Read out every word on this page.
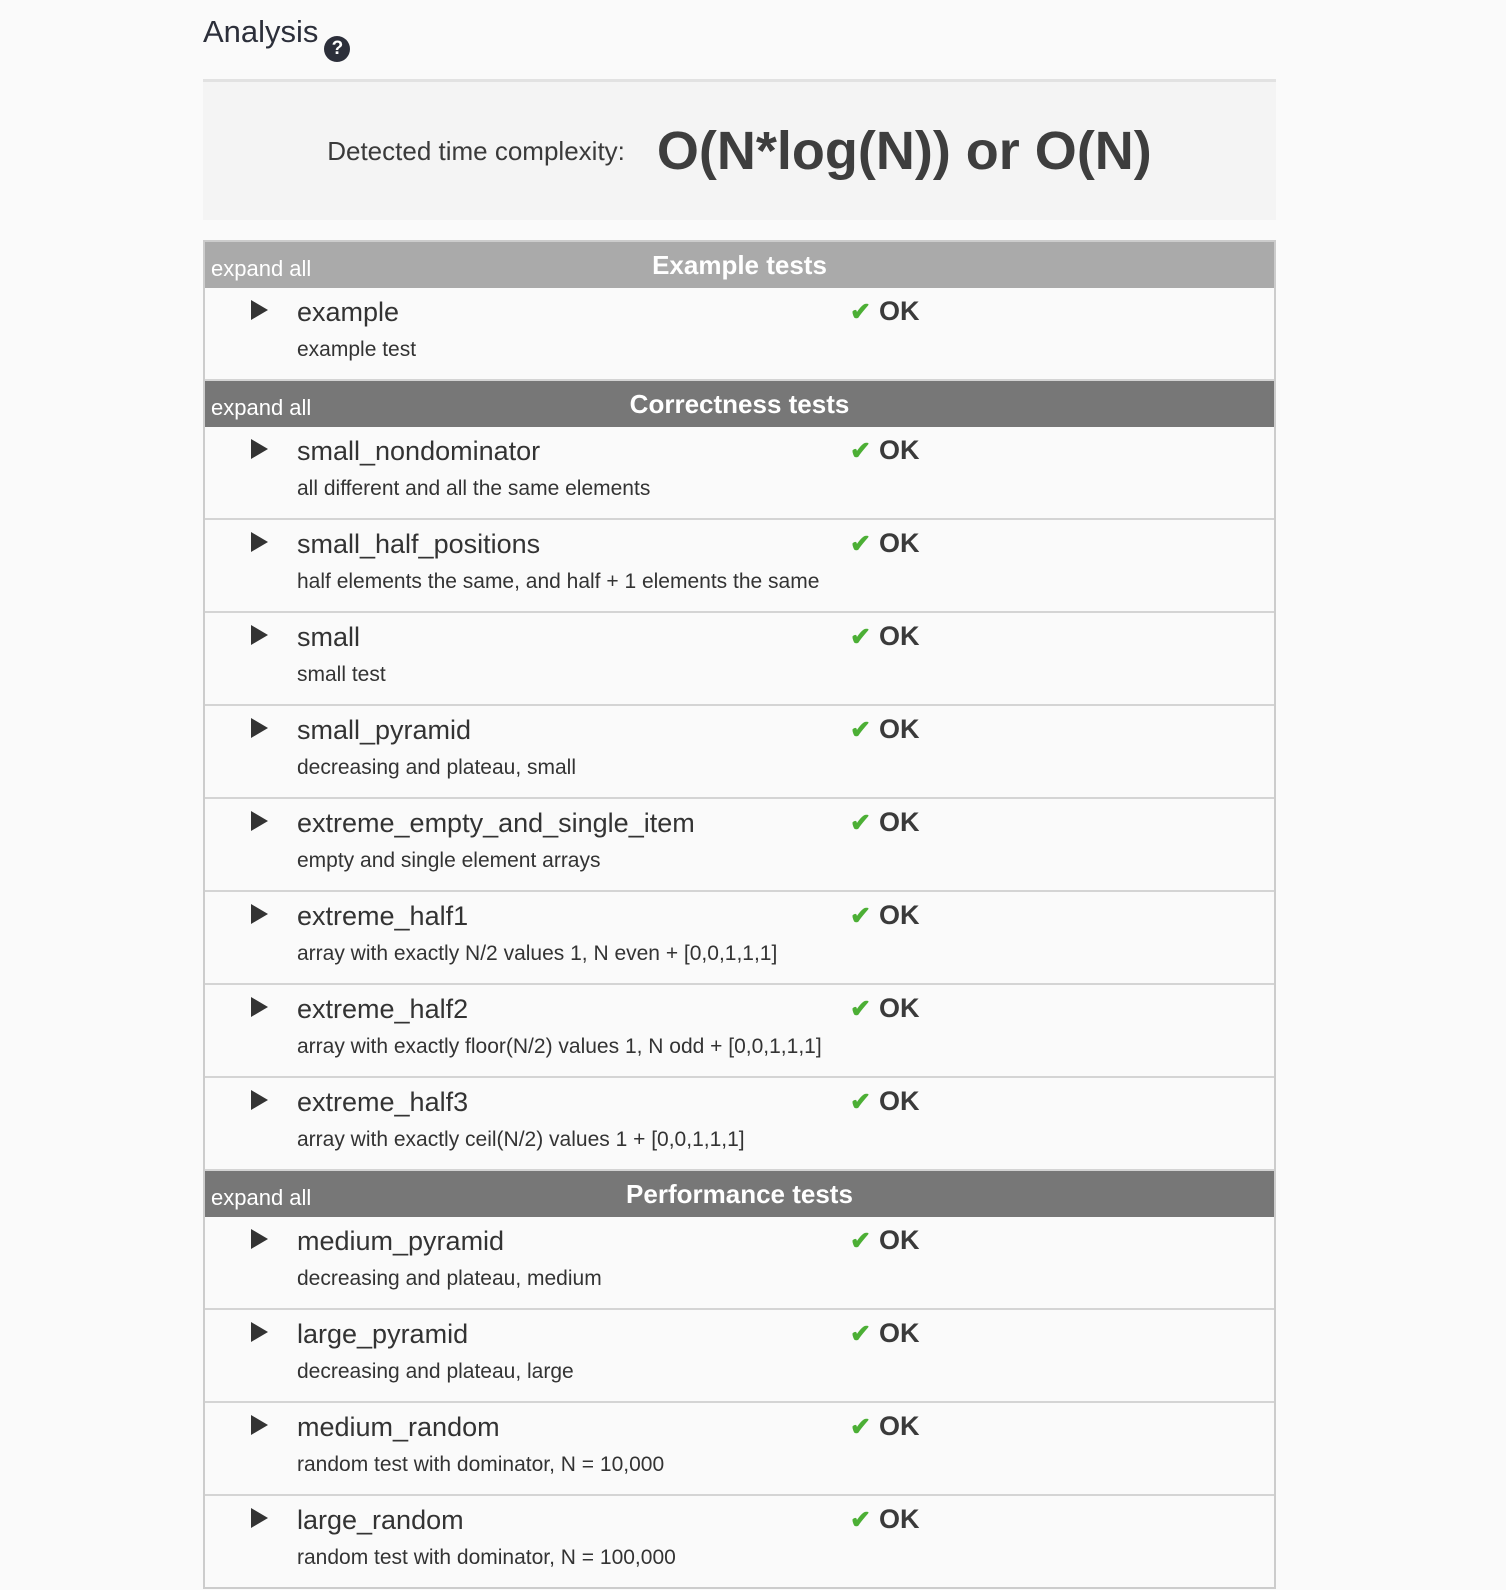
Analysis ?
Detected time complexity: O(N*log(N)) or O(N)
expand all	Example tests
example
example test
✔ OK
expand all	Correctness tests
small_nondominator
all different and all the same elements
✔ OK
small_half_positions
half elements the same, and half + 1 elements the same
✔ OK
small
small test
✔ OK
small_pyramid
decreasing and plateau, small
✔ OK
extreme_empty_and_single_item
empty and single element arrays
✔ OK
extreme_half1
array with exactly N/2 values 1, N even + [0,0,1,1,1]
✔ OK
extreme_half2
array with exactly floor(N/2) values 1, N odd + [0,0,1,1,1]
✔ OK
extreme_half3
array with exactly ceil(N/2) values 1 + [0,0,1,1,1]
✔ OK
expand all	Performance tests
medium_pyramid
decreasing and plateau, medium
✔ OK
large_pyramid
decreasing and plateau, large
✔ OK
medium_random
random test with dominator, N = 10,000
✔ OK
large_random
random test with dominator, N = 100,000
✔ OK
